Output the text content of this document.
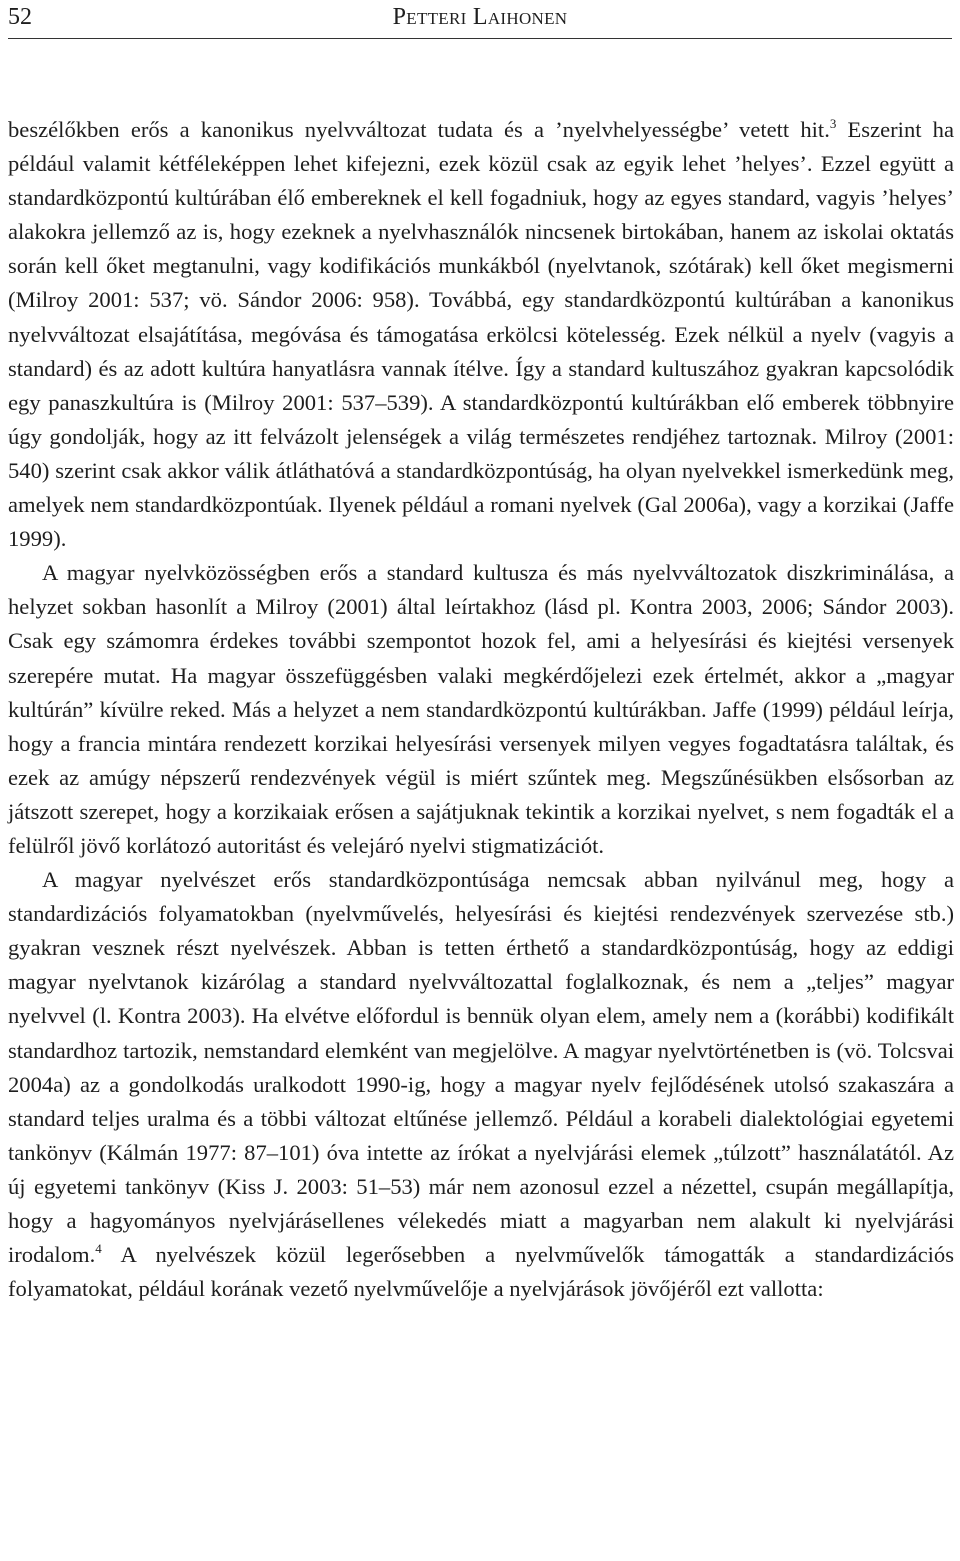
52	Petteri Laihonen

beszélőkben erős a kanonikus nyelvváltozat tudata és a ’nyelvhelyességbe’ vetett hit.$^3$ Eszerint ha például valamit kétféleképpen lehet kifejezni, ezek közül csak az egyik lehet ’helyes’. Ezzel együtt a standardközpontú kultúrában élő embereknek el kell fogadniuk, hogy az egyes standard, vagyis ’helyes’ alakokra jellemző az is, hogy ezeknek a nyelvhasználók nincsenek birtokában, hanem az iskolai oktatás során kell őket megtanulni, vagy kodifikációs munkákból (nyelvtanok, szótárak) kell őket megismerni (Milroy 2001: 537; vö. Sándor 2006: 958). Továbbá, egy standardközpontú kultúrában a kanonikus nyelvváltozat elsajátítása, megóvása és támogatása erkölcsi kötelesség. Ezek nélkül a nyelv (vagyis a standard) és az adott kultúra hanyatlásra vannak ítélve. Így a standard kultuszához gyakran kapcsolódik egy panaszkultúra is (Milroy 2001: 537–539). A standardközpontú kultúrákban elő emberek többnyire úgy gondolják, hogy az itt felvázolt jelenségek a világ természetes rendjéhez tartoznak. Milroy (2001: 540) szerint csak akkor válik átláthatóvá a standardközpontúság, ha olyan nyelvekkel ismerkedünk meg, amelyek nem standardközpontúak. Ilyenek például a romani nyelvek (Gal 2006a), vagy a korzikai (Jaffe 1999).

A magyar nyelvközösségben erős a standard kultusza és más nyelvváltozatok diszkriminálása, a helyzet sokban hasonlít a Milroy (2001) által leírtakhoz (lásd pl. Kontra 2003, 2006; Sándor 2003). Csak egy számomra érdekes további szempontot hozok fel, ami a helyesírási és kiejtési versenyek szerepére mutat. Ha magyar összefüggésben valaki megkérdőjelezi ezek értelmét, akkor a „magyar kultúrán” kívülre reked. Más a helyzet a nem standardközpontú kultúrákban. Jaffe (1999) például leírja, hogy a francia mintára rendezett korzikai helyesírási versenyek milyen vegyes fogadtatásra találtak, és ezek az amúgy népszerű rendezvények végül is miért szűntek meg. Megszűnésükben elsősorban az játszott szerepet, hogy a korzikaiak erősen a sajátjuknak tekintik a korzikai nyelvet, s nem fogadták el a felülről jövő korlátozó autoritást és velejáró nyelvi stigmatizációt.

A magyar nyelvészet erős standardközpontúsága nemcsak abban nyilvánul meg, hogy a standardizációs folyamatokban (nyelvművelés, helyesírási és kiejtési rendezvények szervezése stb.) gyakran vesznek részt nyelvészek. Abban is tetten érthető a standardközpontúság, hogy az eddigi magyar nyelvtanok kizárólag a standard nyelvváltozattal foglalkoznak, és nem a „teljes” magyar nyelvvel (l. Kontra 2003). Ha elvétve előfordul is bennük olyan elem, amely nem a (korábbi) kodifikált standardhoz tartozik, nemstandard elemként van megjelölve. A magyar nyelvtörténetben is (vö. Tolcsvai 2004a) az a gondolkodás uralkodott 1990-ig, hogy a magyar nyelv fejlődésének utolsó szakaszára a standard teljes uralma és a többi változat eltűnése jellemző. Például a korabeli dialektológiai egyetemi tankönyv (Kálmán 1977: 87–101) óva intette az írókat a nyelvjárási elemek „túlzott” használatától. Az új egyetemi tankönyv (Kiss J. 2003: 51–53) már nem azonosul ezzel a nézettel, csupán megállapítja, hogy a hagyományos nyelvjárásellenes vélekedés miatt a magyarban nem alakult ki nyelvjárási irodalom.$^4$ A nyelvészek közül legerősebben a nyelvművelők támogatták a standardizációs folyamatokat, például korának vezető nyelvművelője a nyelvjárások jövőjéről ezt vallotta:
